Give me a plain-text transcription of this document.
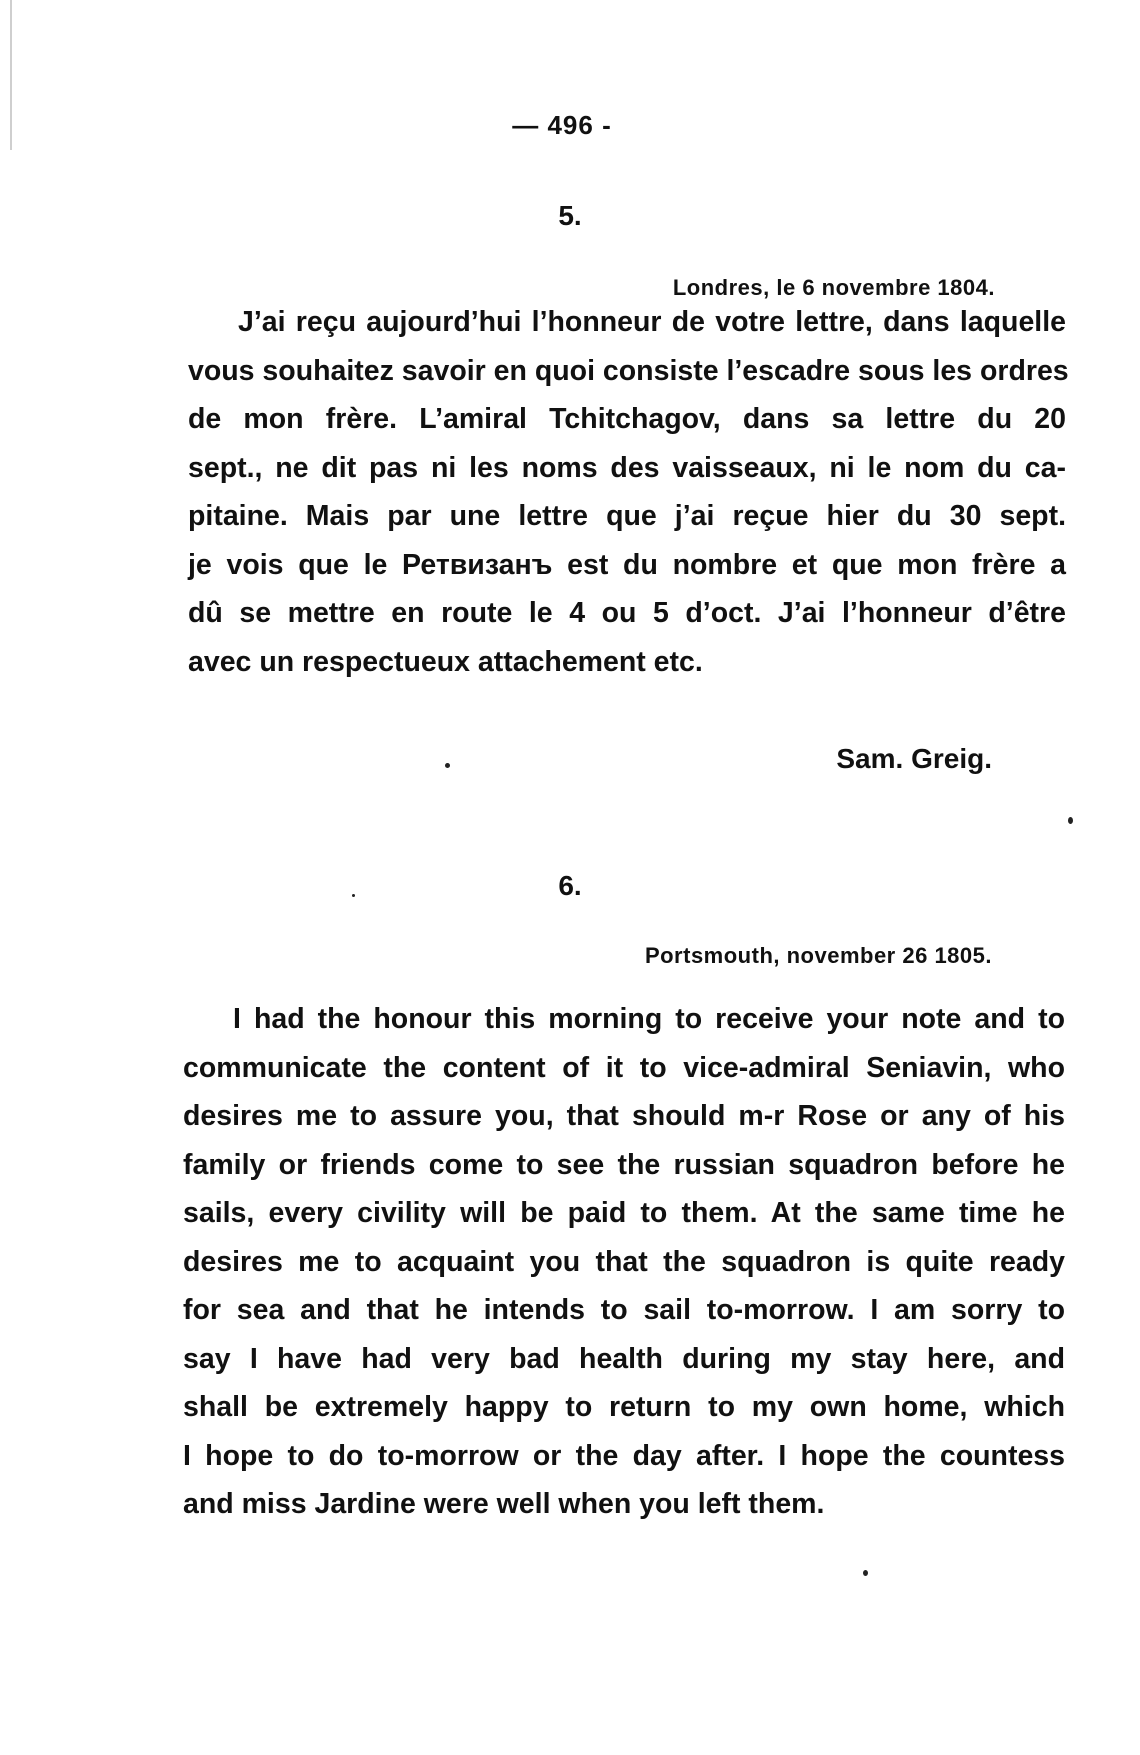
— 496 -
5.
Londres, le 6 novembre 1804.
J’ai reçu aujourd’hui l’honneur de votre lettre, dans laquelle
vous souhaitez savoir en quoi consiste l’escadre sous les ordres
de mon frère. L’amiral Tchitchagov, dans sa lettre du 20
sept., ne dit pas ni les noms des vaisseaux, ni le nom du ca-
pitaine. Mais par une lettre que j’ai reçue hier du 30 sept.
je vois que le Ретвизанъ est du nombre et que mon frère a
dû se mettre en route le 4 ou 5 d’oct. J’ai l’honneur d’être
avec un respectueux attachement etc.
Sam. Greig.
6.
Portsmouth, november 26 1805.
I had the honour this morning to receive your note and to
communicate the content of it to vice-admiral Seniavin, who
desires me to assure you, that should m-r Rose or any of his
family or friends come to see the russian squadron before he
sails, every civility will be paid to them. At the same time he
desires me to acquaint you that the squadron is quite ready
for sea and that he intends to sail to-morrow. I am sorry to
say I have had very bad health during my stay here, and
shall be extremely happy to return to my own home, which
I hope to do to-morrow or the day after. I hope the countess
and miss Jardine were well when you left them.
